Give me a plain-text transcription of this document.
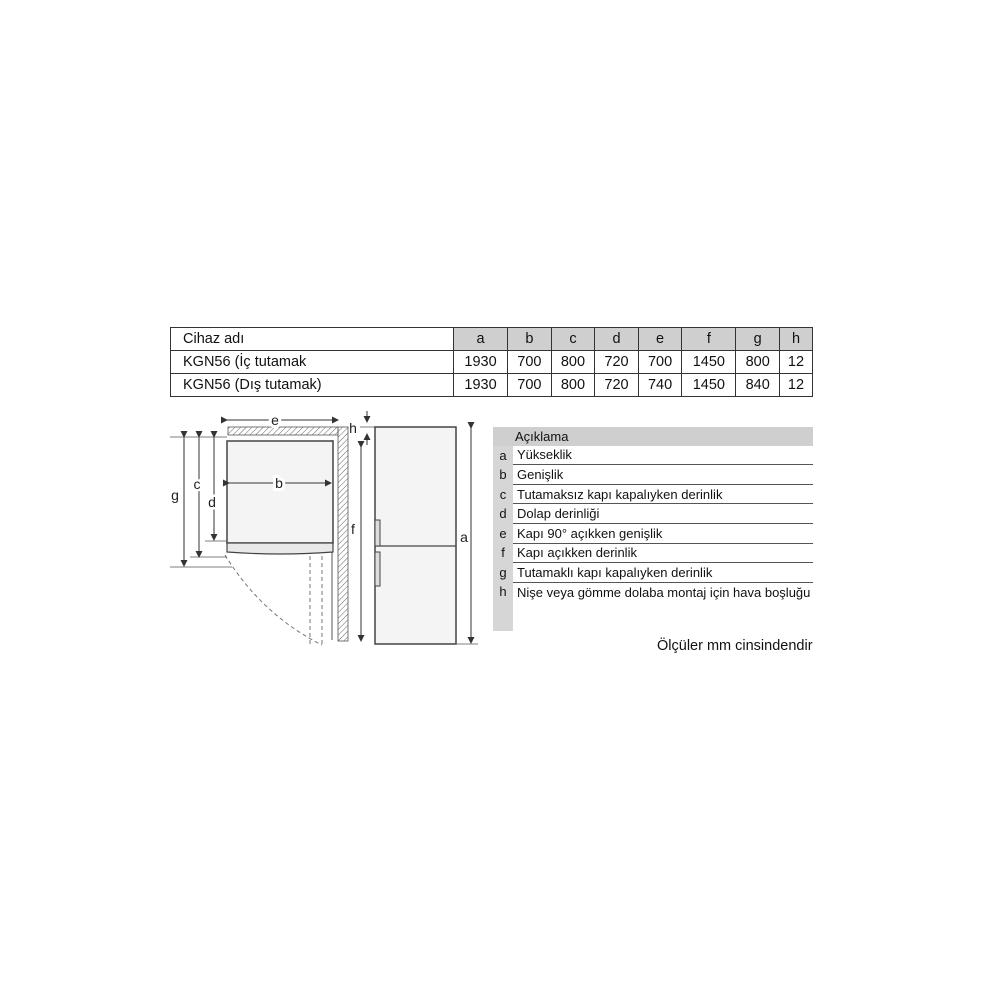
Cihaz adı	a	b	c	d	e	f	g	h
KGN56 (İç tutamak	1930	700	800	720	700	1450	800	12
KGN56 (Dış tutamak)	1930	700	800	720	740	1450	840	12
e
b
g
c
d
h
f	a
	Açıklama
a	Yükseklik
b	Genişlik
c	Tutamaksız kapı kapalıyken derinlik
d	Dolap derinliği
e	Kapı 90° açıkken genişlik
f	Kapı açıkken derinlik
g	Tutamaklı kapı kapalıyken derinlik
h	Nişe veya gömme dolaba montaj için hava boşluğu

Ölçüler mm cinsindendir
